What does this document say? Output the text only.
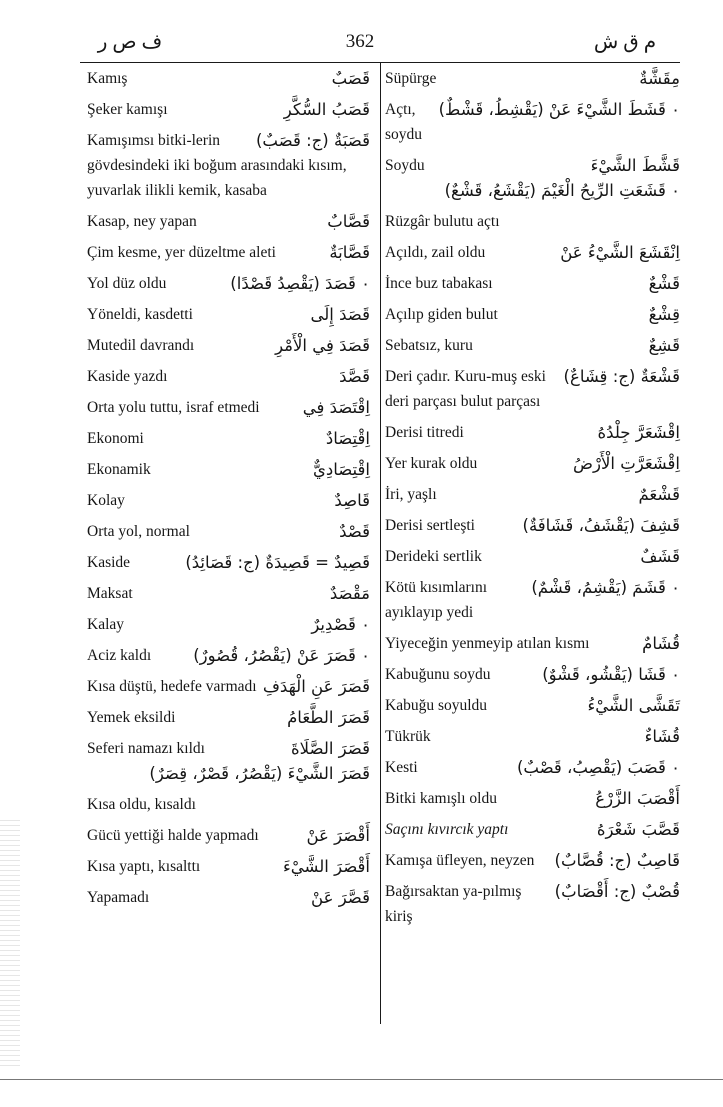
ف ص ر	362	م ق ش
قَصَبٌ
Kamış
قَصَبُ السُّكَّرِ
Şeker kamışı
قَصَبَةٌ (ج: قَصَبٌ)
Kamışımsı bitki-lerin gövdesindeki iki boğum arasındaki kısım, yuvarlak ilikli kemik, kasaba
قَصَّابٌ
Kasap, ney yapan
قَصَّابَةٌ
Çim kesme, yer düzeltme aleti
۰ قَصَدَ (يَقْصِدُ قَصْدًا)
Yol düz oldu
قَصَدَ إِلَى
Yöneldi, kasdetti
قَصَدَ فِي الْأَمْرِ
Mutedil davrandı
قَصَّدَ
Kaside yazdı
اِقْتَصَدَ فِي
Orta yolu tuttu, israf etmedi
اِقْتِصَادٌ
Ekonomi
اِقْتِصَادِيٌّ
Ekonamik
قَاصِدٌ
Kolay
قَصْدٌ
Orta yol, normal
قَصِيدٌ = قَصِيدَةٌ (ج: قَصَائِدُ)
Kaside
مَقْصَدٌ
Maksat
۰ قَصْدِيرٌ
Kalay
۰ قَصَرَ عَنْ (يَقْصُرُ، قُصُورٌ)
Aciz kaldı
قَصَرَ عَنِ الْهَدَفِ
Kısa düştü, hedefe varmadı
قَصَرَ الطَّعَامُ
Yemek eksildi
قَصَرَ الصَّلَاةَ
Seferi namazı kıldı
قَصَرَ الشَّيْءَ (يَقْصُرُ، قَصْرٌ، قِصَرٌ)
Kısa oldu, kısaldı
أَقْصَرَ عَنْ
Gücü yettiği halde yapmadı
أَقْصَرَ الشَّيْءَ
Kısa yaptı, kısalttı
قَصَّرَ عَنْ
Yapamadı
مِقَشَّةٌ
Süpürge
۰ قَشَطَ الشَّيْءَ عَنْ (يَقْشِطُ، قَشْطٌ)
Açtı, soydu
قَشَّطَ الشَّيْءَ
Soydu
۰ قَشَعَتِ الرِّيحُ الْغَيْمَ (يَقْشَعُ، قَشْعٌ)
Rüzgâr bulutu açtı
اِنْقَشَعَ الشَّيْءُ عَنْ
Açıldı, zail oldu
قَشْعٌ
İnce buz tabakası
قِشْعٌ
Açılıp giden bulut
قَشِعٌ
Sebatsız, kuru
قَشْعَةٌ (ج: قِشَاعٌ)
Deri çadır. Kuru-muş eski deri parçası bulut parçası
اِقْشَعَرَّ جِلْدُهُ
Derisi titredi
اِقْشَعَرَّتِ الْأَرْضُ
Yer kurak oldu
قَشْعَمٌ
İri, yaşlı
قَشِفَ (يَقْشَفُ، قَشَافَةٌ)
Derisi sertleşti
قَشَفٌ
Derideki sertlik
۰ قَشَمَ (يَقْشِمُ، قَشْمٌ)
Kötü kısımlarını ayıklayıp yedi
قُشَامٌ
Yiyeceğin yenmeyip atılan kısmı
۰ قَشَا (يَقْشُو، قَشْوٌ)
Kabuğunu soydu
تَقَشَّى الشَّيْءُ
Kabuğu soyuldu
قُشَاءٌ
Tükrük
۰ قَصَبَ (يَقْصِبُ، قَصْبٌ)
Kesti
أَقْصَبَ الزَّرْعُ
Bitki kamışlı oldu
قَصَّبَ شَعْرَهُ
Saçını kıvırcık yaptı
قَاصِبٌ (ج: قُصَّابٌ)
Kamışa üfleyen, neyzen
قُصْبٌ (ج: أَقْصَابٌ)
Bağırsaktan ya-pılmış kiriş
